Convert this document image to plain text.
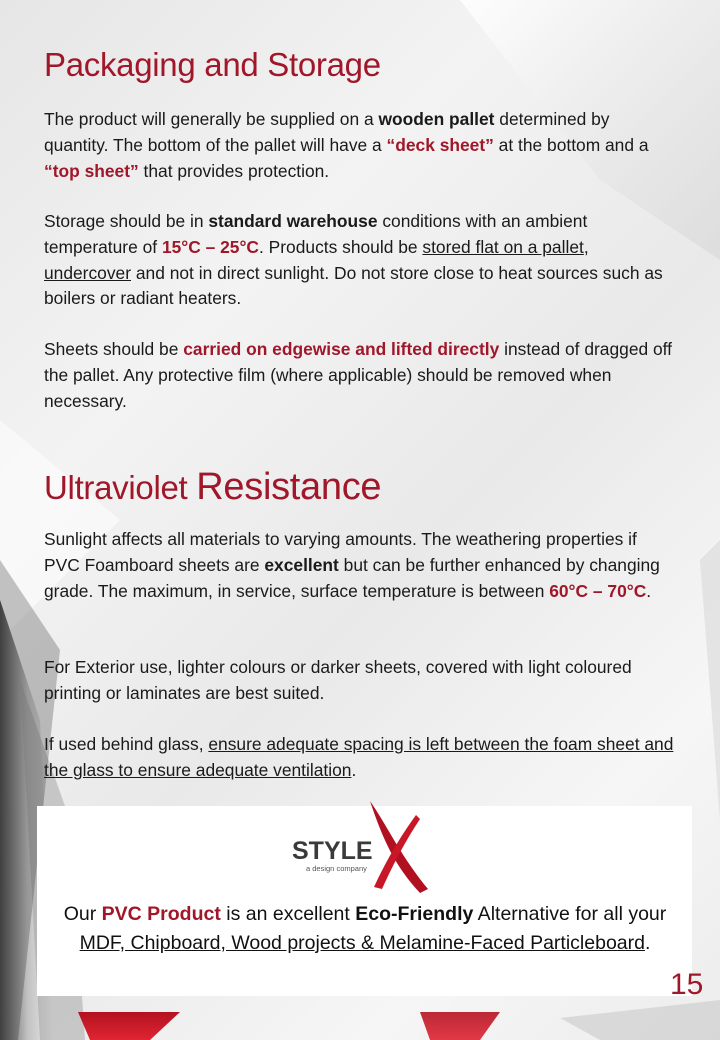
Packaging and Storage

The product will generally be supplied on a wooden pallet determined by quantity. The bottom of the pallet will have a “deck sheet” at the bottom and a “top sheet” that provides protection.

Storage should be in standard warehouse conditions with an ambient temperature of 15°C – 25°C. Products should be stored flat on a pallet, undercover and not in direct sunlight. Do not store close to heat sources such as boilers or radiant heaters.

Sheets should be carried on edgewise and lifted directly instead of dragged off the pallet. Any protective film (where applicable) should be removed when necessary.

Ultraviolet Resistance

Sunlight affects all materials to varying amounts. The weathering properties if PVC Foamboard sheets are excellent but can be further enhanced by changing grade. The maximum, in service, surface temperature is between 60°C – 70°C.

For Exterior use, lighter colours or darker sheets, covered with light coloured printing or laminates are best suited.

If used behind glass, ensure adequate spacing is left between the foam sheet and the glass to ensure adequate ventilation.

STYLE
a design company

Our PVC Product is an excellent Eco-Friendly Alternative for all your MDF, Chipboard, Wood projects & Melamine-Faced Particleboard.

15
